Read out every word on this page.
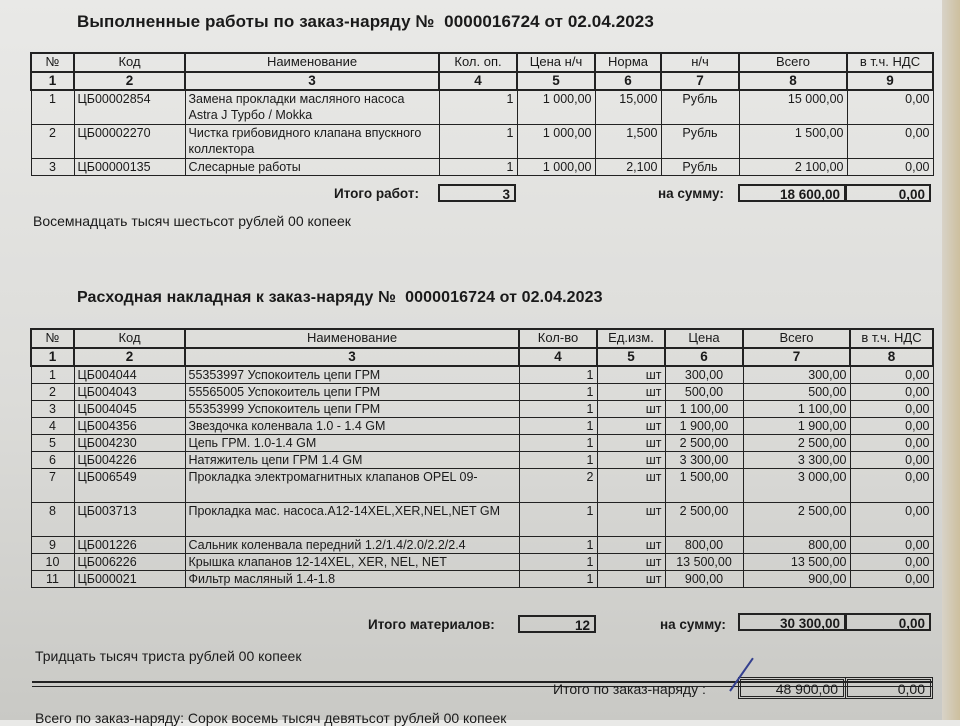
Выполненные работы по заказ-наряду №  0000016724 от 02.04.2023
№	Код	Наименование	Кол. оп.	Цена н/ч	Норма	н/ч	Всего	в т.ч. НДС
1	2	3	4	5	6	7	8	9
1	ЦБ00002854	Замена прокладки масляного насоса Astra J Турбо / Mokka	1	1 000,00	15,000	Рубль	15 000,00	0,00
2	ЦБ00002270	Чистка грибовидного клапана впускного коллектора	1	1 000,00	1,500	Рубль	1 500,00	0,00
3	ЦБ00000135	Слесарные работы	1	1 000,00	2,100	Рубль	2 100,00	0,00
Итого работ:	3	на сумму:	18 600,00	0,00
Восемнадцать тысяч шестьсот рублей 00 копеек
Расходная накладная к заказ-наряду №  0000016724 от 02.04.2023
№	Код	Наименование	Кол-во	Ед.изм.	Цена	Всего	в т.ч. НДС
1	2	3	4	5	6	7	8
1	ЦБ004044	55353997 Успокоитель цепи ГРМ	1	шт	300,00	300,00	0,00
2	ЦБ004043	55565005 Успокоитель цепи ГРМ	1	шт	500,00	500,00	0,00
3	ЦБ004045	55353999 Успокоитель цепи ГРМ	1	шт	1 100,00	1 100,00	0,00
4	ЦБ004356	Звездочка коленвала 1.0 - 1.4 GM	1	шт	1 900,00	1 900,00	0,00
5	ЦБ004230	Цепь ГРМ. 1.0-1.4 GM	1	шт	2 500,00	2 500,00	0,00
6	ЦБ004226	Натяжитель цепи ГРМ 1.4 GM	1	шт	3 300,00	3 300,00	0,00
7	ЦБ006549	Прокладка электромагнитных клапанов OPEL 09-	2	шт	1 500,00	3 000,00	0,00
8	ЦБ003713	Прокладка мас. насоса.A12-14XEL,XER,NEL,NET GM	1	шт	2 500,00	2 500,00	0,00
9	ЦБ001226	Сальник коленвала передний 1.2/1.4/2.0/2.2/2.4	1	шт	800,00	800,00	0,00
10	ЦБ006226	Крышка клапанов 12-14XEL, XER, NEL, NET	1	шт	13 500,00	13 500,00	0,00
11	ЦБ000021	Фильтр масляный 1.4-1.8	1	шт	900,00	900,00	0,00
Итого материалов:	12	на сумму:	30 300,00	0,00
Тридцать тысяч триста рублей 00 копеек
Итого по заказ-наряду :	48 900,00	0,00
Всего по заказ-наряду: Сорок восемь тысяч девятьсот рублей 00 копеек
